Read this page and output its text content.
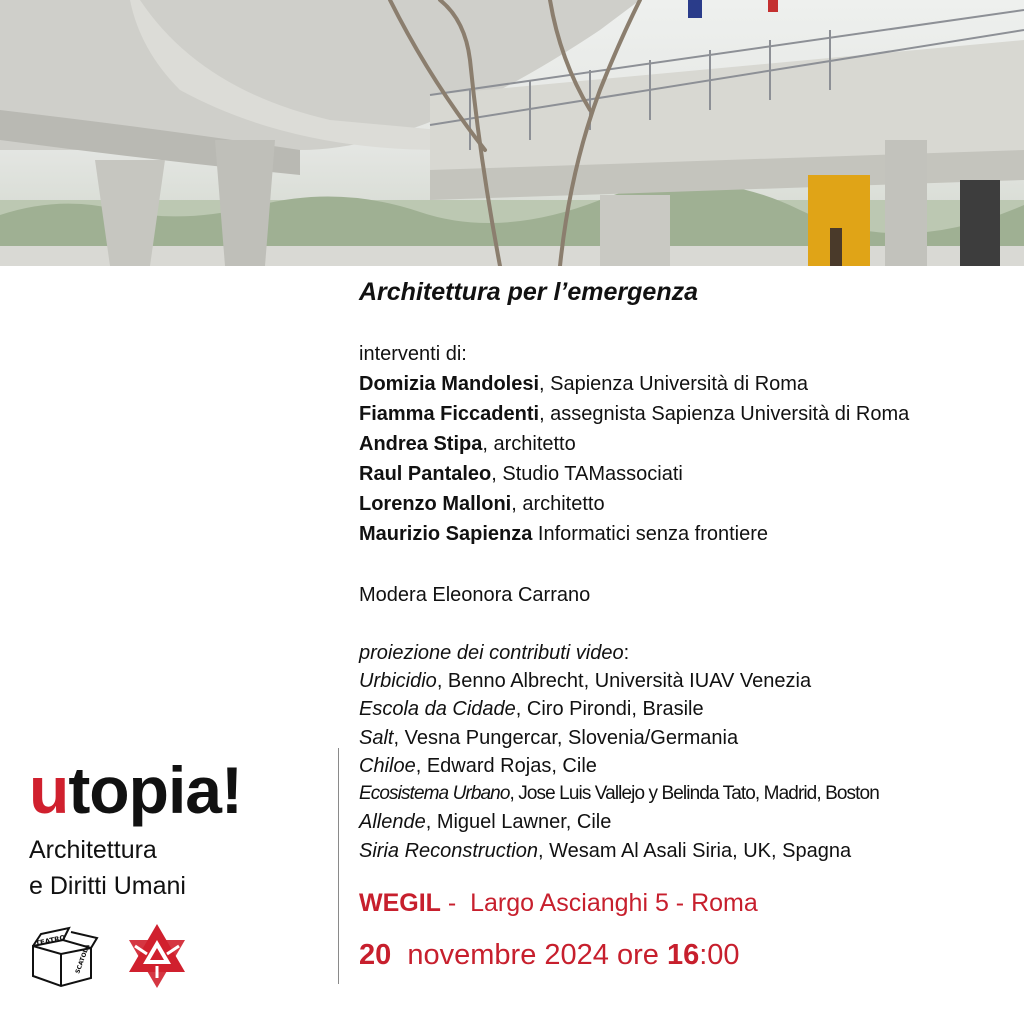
Architettura per l’emergenza
interventi di:
Domizia Mandolesi, Sapienza Università di Roma
Fiamma Ficcadenti, assegnista Sapienza Università di Roma
Andrea Stipa, architetto
Raul Pantaleo, Studio TAMassociati
Lorenzo Malloni, architetto
Maurizio Sapienza Informatici senza frontiere
Modera Eleonora Carrano
proiezione dei contributi video:
Urbicidio, Benno Albrecht, Università IUAV Venezia
Escola da Cidade, Ciro Pirondi, Brasile
Salt, Vesna Pungercar, Slovenia/Germania
Chiloe, Edward Rojas, Cile
Ecosistema Urbano, Jose Luis Vallejo y Belinda Tato, Madrid, Boston
Allende, Miguel Lawner, Cile
Siria Reconstruction, Wesam Al Asali Siria, UK, Spagna
WEGIL -  Largo Ascianghi 5 - Roma
20  novembre 2024 ore 16:00
utopia!
Architettura
e Diritti Umani
TEATRO
SCATOLA
